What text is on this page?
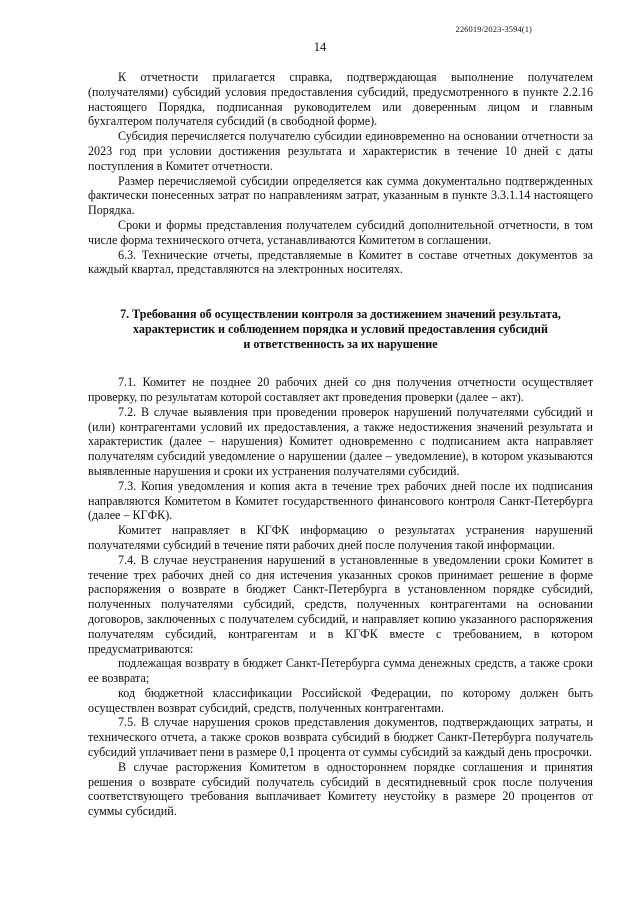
226019/2023-3594(1)
14

К отчетности прилагается справка, подтверждающая выполнение получателем (получателями) субсидий условия предоставления субсидий, предусмотренного в пункте 2.2.16 настоящего Порядка, подписанная руководителем или доверенным лицом и главным бухгалтером получателя субсидий (в свободной форме).

Субсидия перечисляется получателю субсидии единовременно на основании отчетности за 2023 год при условии достижения результата и характеристик в течение 10 дней с даты поступления в Комитет отчетности.

Размер перечисляемой субсидии определяется как сумма документально подтвержденных фактически понесенных затрат по направлениям затрат, указанным в пункте 3.3.1.14 настоящего Порядка.

Сроки и формы представления получателем субсидий дополнительной отчетности, в том числе форма технического отчета, устанавливаются Комитетом в соглашении.

6.3. Технические отчеты, представляемые в Комитет в составе отчетных документов за каждый квартал, представляются на электронных носителях.

7. Требования об осуществлении контроля за достижением значений результата,
характеристик и соблюдением порядка и условий предоставления субсидий
и ответственность за их нарушение

7.1. Комитет не позднее 20 рабочих дней со дня получения отчетности осуществляет проверку, по результатам которой составляет акт проведения проверки (далее – акт).

7.2. В случае выявления при проведении проверок нарушений получателями субсидий и (или) контрагентами условий их предоставления, а также недостижения значений результата и характеристик (далее – нарушения) Комитет одновременно с подписанием акта направляет получателям субсидий уведомление о нарушении (далее – уведомление), в котором указываются выявленные нарушения и сроки их устранения получателями субсидий.

7.3. Копия уведомления и копия акта в течение трех рабочих дней после их подписания направляются Комитетом в Комитет государственного финансового контроля Санкт-Петербурга (далее – КГФК).

Комитет направляет в КГФК информацию о результатах устранения нарушений получателями субсидий в течение пяти рабочих дней после получения такой информации.

7.4. В случае неустранения нарушений в установленные в уведомлении сроки Комитет в течение трех рабочих дней со дня истечения указанных сроков принимает решение в форме распоряжения о возврате в бюджет Санкт-Петербурга в установленном порядке субсидий, полученных получателями субсидий, средств, полученных контрагентами на основании договоров, заключенных с получателем субсидий, и направляет копию указанного распоряжения получателям субсидий, контрагентам и в КГФК вместе с требованием, в котором предусматриваются:

подлежащая возврату в бюджет Санкт-Петербурга сумма денежных средств, а также сроки ее возврата;

код бюджетной классификации Российской Федерации, по которому должен быть осуществлен возврат субсидий, средств, полученных контрагентами.

7.5. В случае нарушения сроков представления документов, подтверждающих затраты, и технического отчета, а также сроков возврата субсидий в бюджет Санкт-Петербурга получатель субсидий уплачивает пени в размере 0,1 процента от суммы субсидий за каждый день просрочки.

В случае расторжения Комитетом в одностороннем порядке соглашения и принятия решения о возврате субсидий получатель субсидий в десятидневный срок после получения соответствующего требования выплачивает Комитету неустойку в размере 20 процентов от суммы субсидий.
